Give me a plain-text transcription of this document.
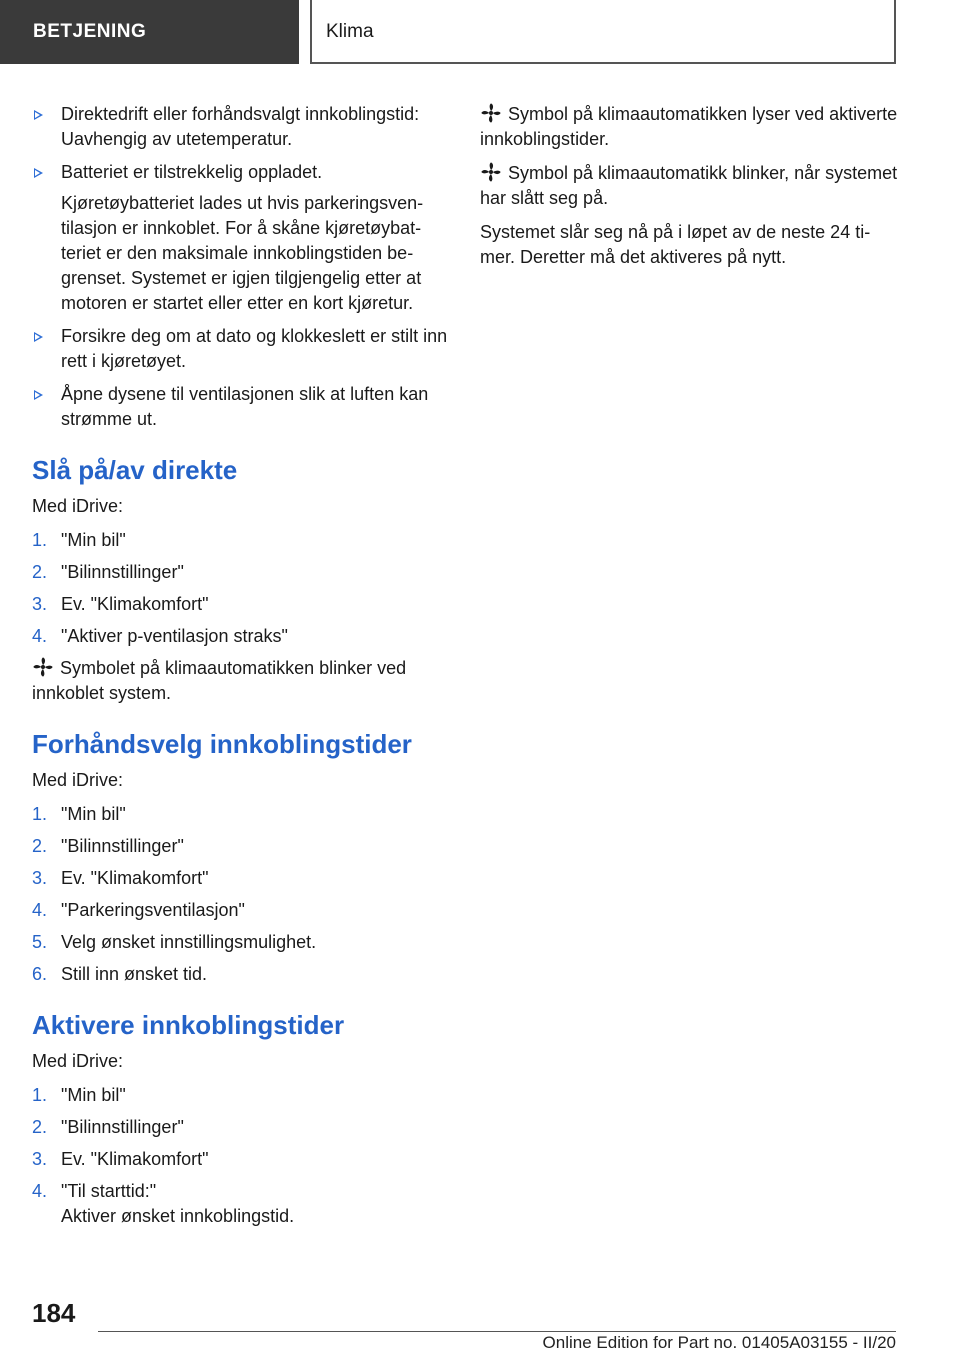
BETJENING	Klima
Direktedrift eller forhåndsvalgt innkoblingstid: Uavhengig av utetemperatur.
Batteriet er tilstrekkelig oppladet.
Kjøretøybatteriet lades ut hvis parkeringsventilasjon er innkoblet. For å skåne kjøretøybatteriet er den maksimale innkoblingstiden begrenset. Systemet er igjen tilgjengelig etter at motoren er startet eller etter en kort kjøretur.
Forsikre deg om at dato og klokkeslett er stilt inn rett i kjøretøyet.
Åpne dysene til ventilasjonen slik at luften kan strømme ut.
Slå på/av direkte
Med iDrive:
1. "Min bil"
2. "Bilinnstillinger"
3. Ev. "Klimakomfort"
4. "Aktiver p-ventilasjon straks"
Symbolet på klimaautomatikken blinker ved innkoblet system.
Forhåndsvelg innkoblingstider
Med iDrive:
1. "Min bil"
2. "Bilinnstillinger"
3. Ev. "Klimakomfort"
4. "Parkeringsventilasjon"
5. Velg ønsket innstillingsmulighet.
6. Still inn ønsket tid.
Aktivere innkoblingstider
Med iDrive:
1. "Min bil"
2. "Bilinnstillinger"
3. Ev. "Klimakomfort"
4. "Til starttid:"
Aktiver ønsket innkoblingstid.
Symbol på klimaautomatikken lyser ved aktiverte innkoblingstider.
Symbol på klimaautomatikk blinker, når systemet har slått seg på.
Systemet slår seg nå på i løpet av de neste 24 timer. Deretter må det aktiveres på nytt.
184
Online Edition for Part no. 01405A03155 - II/20
